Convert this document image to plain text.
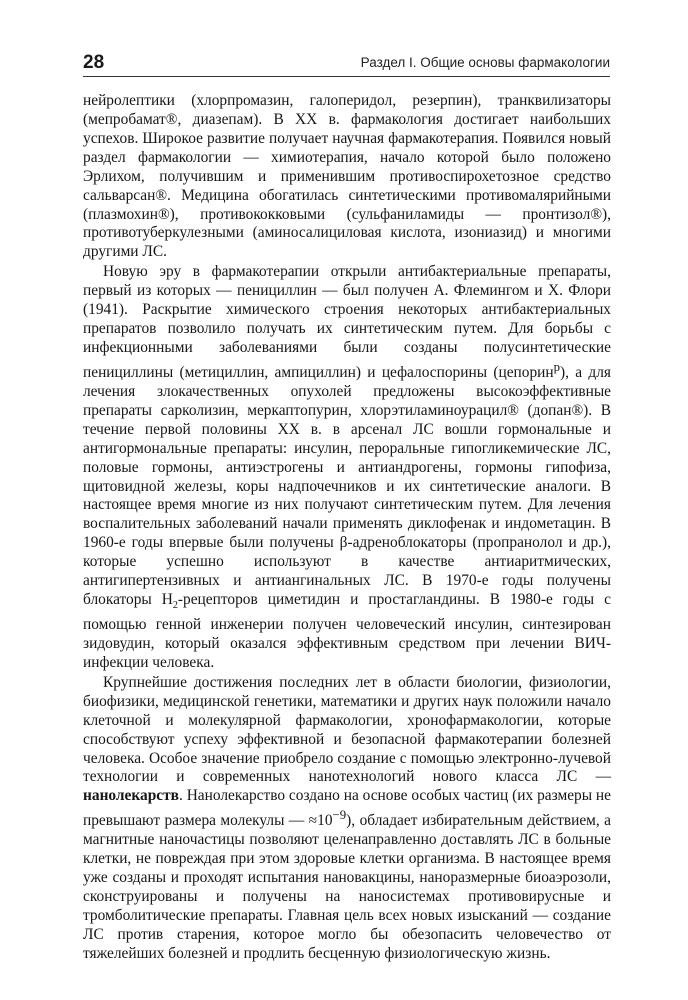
28	Раздел I. Общие основы фармакологии

нейролептики (хлорпромазин, галоперидол, резерпин), транквилизаторы (мепробамат®, диазепам). В XX в. фармакология достигает наибольших успехов. Широкое развитие получает научная фармакотерапия. Появился новый раздел фармакологии — химиотерапия, начало которой было положено Эрлихом, получившим и применившим противоспирохетозное средство сальварсан®. Медицина обогатилась синтетическими противомалярийными (плазмохин®), противококковыми (сульфаниламиды — пронтизол®), противотуберкулезными (аминосалициловая кислота, изониазид) и многими другими ЛС.

Новую эру в фармакотерапии открыли антибактериальные препараты, первый из которых — пенициллин — был получен А. Флемингом и Х. Флори (1941). Раскрытие химического строения некоторых антибактериальных препаратов позволило получать их синтетическим путем. Для борьбы с инфекционными заболеваниями были созданы полусинтетические пенициллины (метициллин, ампициллин) и цефалоспорины (цепорин$^р$), а для лечения злокачественных опухолей предложены высокоэффективные препараты сарколизин, меркаптопурин, хлорэтиламиноурацил® (допан®). В течение первой половины XX в. в арсенал ЛС вошли гормональные и антигормональные препараты: инсулин, пероральные гипогликемические ЛС, половые гормоны, антиэстрогены и антиандрогены, гормоны гипофиза, щитовидной железы, коры надпочечников и их синтетические аналоги. В настоящее время многие из них получают синтетическим путем. Для лечения воспалительных заболеваний начали применять диклофенак и индометацин. В 1960-е годы впервые были получены β-адреноблокаторы (пропранолол и др.), которые успешно используют в качестве антиаритмических, антигипертензивных и антиангинальных ЛС. В 1970-е годы получены блокаторы $H_2$-рецепторов циметидин и простагландины. В 1980-е годы с помощью генной инженерии получен человеческий инсулин, синтезирован зидовудин, который оказался эффективным средством при лечении ВИЧ-инфекции человека.

Крупнейшие достижения последних лет в области биологии, физиологии, биофизики, медицинской генетики, математики и других наук положили начало клеточной и молекулярной фармакологии, хронофармакологии, которые способствуют успеху эффективной и безопасной фармакотерапии болезней человека. Особое значение приобрело создание с помощью электронно-лучевой технологии и современных нанотехнологий нового класса ЛС — нанолекарств. Нанолекарство создано на основе особых частиц (их размеры не превышают размера молекулы — $\approx 10^{-9}$), обладает избирательным действием, а магнитные наночастицы позволяют целенаправленно доставлять ЛС в больные клетки, не повреждая при этом здоровые клетки организма. В настоящее время уже созданы и проходят испытания нановакцины, наноразмерные биоаэрозоли, сконструированы и получены на наносистемах противовирусные и тромболитические препараты. Главная цель всех новых изысканий — создание ЛС против старения, которое могло бы обезопасить человечество от тяжелейших болезней и продлить бесценную физиологическую жизнь.
